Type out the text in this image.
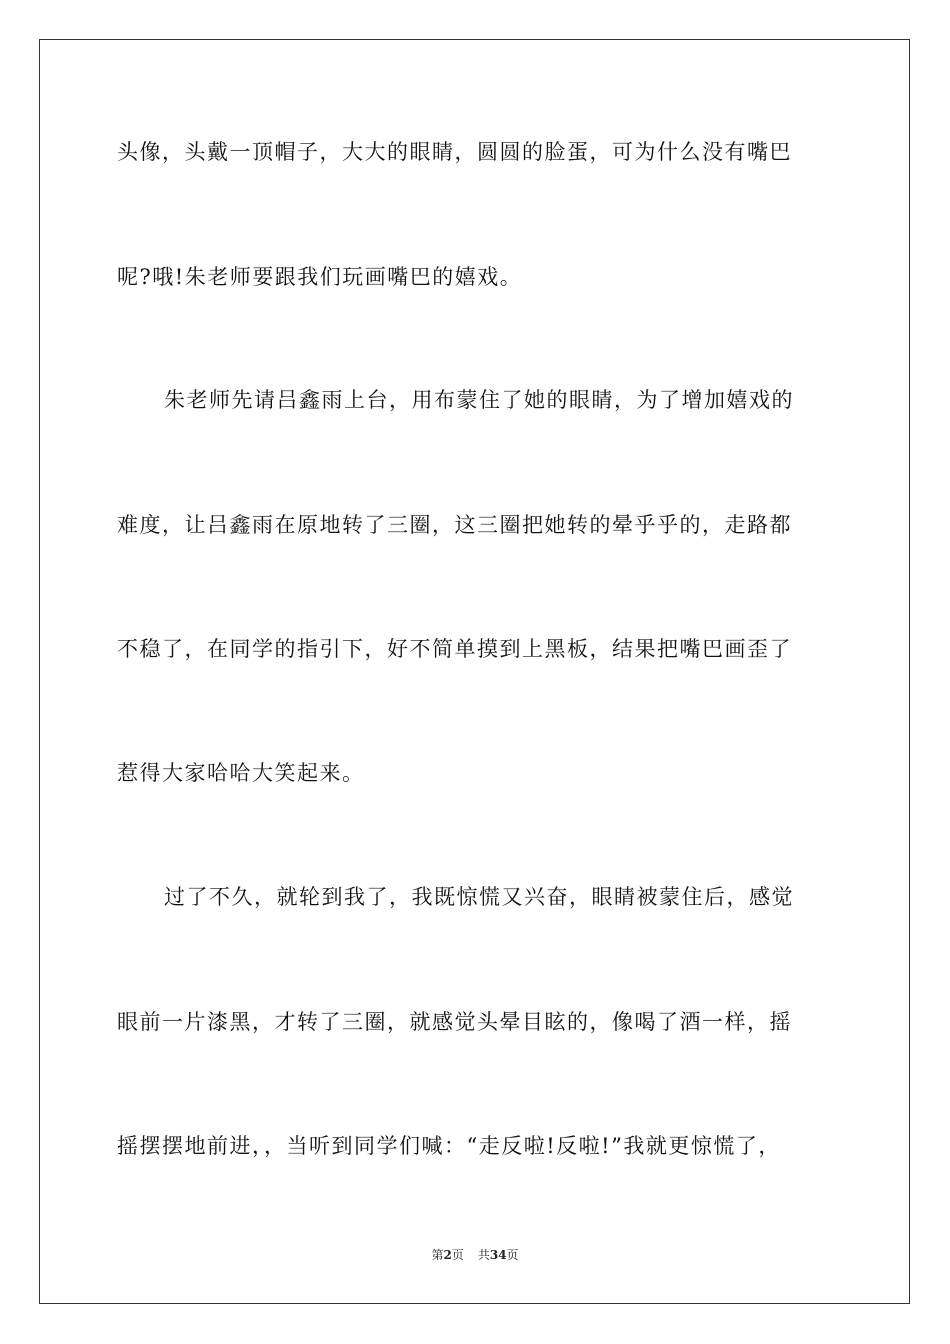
头像，头戴一顶帽子，大大的眼睛，圆圆的脸蛋，可为什么没有嘴巴
呢?哦!朱老师要跟我们玩画嘴巴的嬉戏。
朱老师先请吕鑫雨上台，用布蒙住了她的眼睛，为了增加嬉戏的
难度，让吕鑫雨在原地转了三圈，这三圈把她转的晕乎乎的，走路都
不稳了，在同学的指引下，好不简单摸到上黑板，结果把嘴巴画歪了
惹得大家哈哈大笑起来。
过了不久，就轮到我了，我既惊慌又兴奋，眼睛被蒙住后，感觉
眼前一片漆黑，才转了三圈，就感觉头晕目眩的，像喝了酒一样，摇
摇摆摆地前进，，当听到同学们喊：“走反啦!反啦!”我就更惊慌了，
第2页 共34页
